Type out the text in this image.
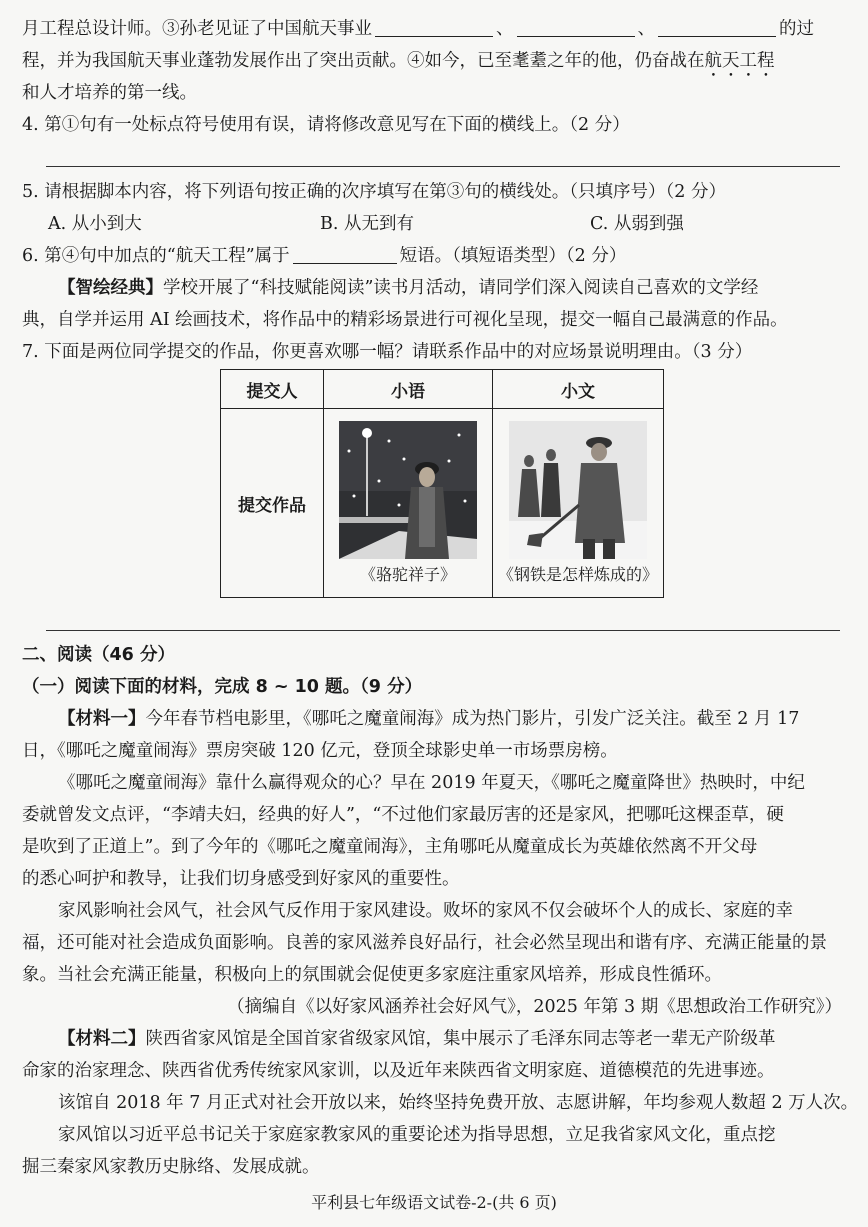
月工程总设计师。③孙老见证了中国航天事业	、	、	的过
程，并为我国航天事业蓬勃发展作出了突出贡献。④如今，已至耄耋之年的他，仍奋战在航天工程
和人才培养的第一线。
4. 第①句有一处标点符号使用有误，请将修改意见写在下面的横线上。（2 分）
5. 请根据脚本内容，将下列语句按正确的次序填写在第③句的横线处。（只填序号）（2 分）
A. 从小到大	B. 从无到有	C. 从弱到强
6. 第④句中加点的“航天工程”属于	短语。（填短语类型）（2 分）
【智绘经典】学校开展了“科技赋能阅读”读书月活动，请同学们深入阅读自己喜欢的文学经
典，自学并运用 AI 绘画技术，将作品中的精彩场景进行可视化呈现，提交一幅自己最满意的作品。
7. 下面是两位同学提交的作品，你更喜欢哪一幅？请联系作品中的对应场景说明理由。（3 分）
提交人	小语	小文
提交作品	《骆驼祥子》	《钢铁是怎样炼成的》
二、阅读（46 分）
（一）阅读下面的材料，完成 8 ~ 10 题。（9 分）
【材料一】今年春节档电影里，《哪吒之魔童闹海》成为热门影片，引发广泛关注。截至 2 月 17
日，《哪吒之魔童闹海》票房突破 120 亿元，登顶全球影史单一市场票房榜。
《哪吒之魔童闹海》靠什么赢得观众的心？早在 2019 年夏天，《哪吒之魔童降世》热映时，中纪
委就曾发文点评，“李靖夫妇，经典的好人”，“不过他们家最厉害的还是家风，把哪吒这棵歪草，硬
是吹到了正道上”。到了今年的《哪吒之魔童闹海》，主角哪吒从魔童成长为英雄依然离不开父母
的悉心呵护和教导，让我们切身感受到好家风的重要性。
家风影响社会风气，社会风气反作用于家风建设。败坏的家风不仅会破坏个人的成长、家庭的幸
福，还可能对社会造成负面影响。良善的家风滋养良好品行，社会必然呈现出和谐有序、充满正能量的景
象。当社会充满正能量，积极向上的氛围就会促使更多家庭注重家风培养，形成良性循环。
（摘编自《以好家风涵养社会好风气》，2025 年第 3 期《思想政治工作研究》）
【材料二】陕西省家风馆是全国首家省级家风馆，集中展示了毛泽东同志等老一辈无产阶级革
命家的治家理念、陕西省优秀传统家风家训，以及近年来陕西省文明家庭、道德模范的先进事迹。
该馆自 2018 年 7 月正式对社会开放以来，始终坚持免费开放、志愿讲解，年均参观人数超 2 万人次。
家风馆以习近平总书记关于家庭家教家风的重要论述为指导思想，立足我省家风文化，重点挖
掘三秦家风家教历史脉络、发展成就。
平利县七年级语文试卷-2-(共 6 页)
